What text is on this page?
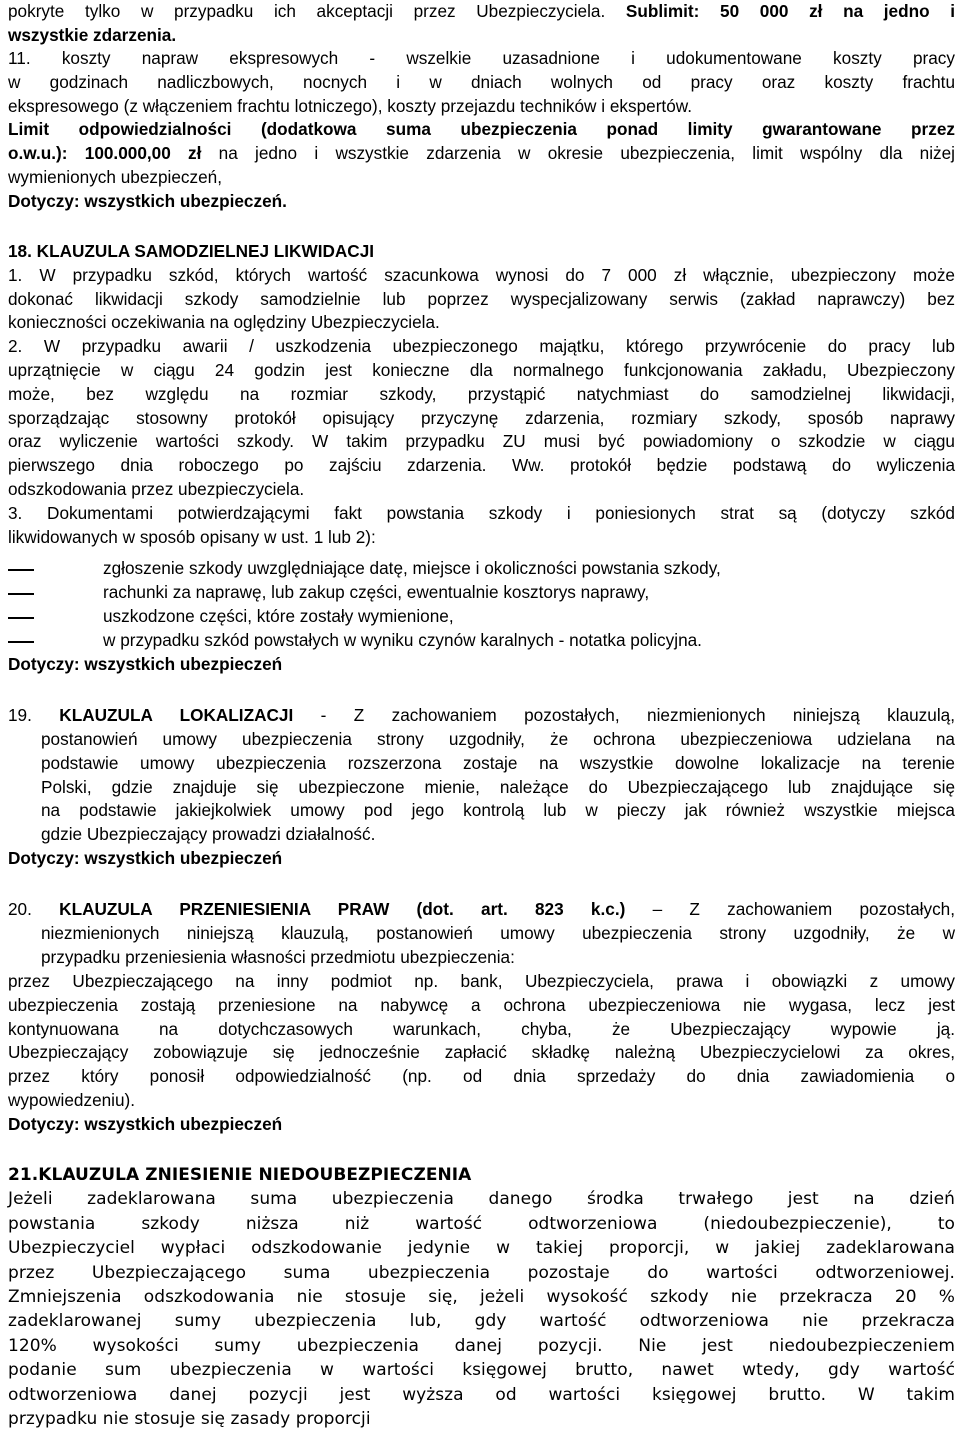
pokryte tylko w przypadku ich akceptacji przez Ubezpieczyciela. Sublimit: 50 000 zł na jedno i
wszystkie zdarzenia.
11. koszty napraw ekspresowych - wszelkie uzasadnione i udokumentowane koszty pracy
w godzinach nadliczbowych, nocnych i w dniach wolnych od pracy oraz koszty frachtu
ekspresowego (z włączeniem frachtu lotniczego), koszty przejazdu techników i ekspertów.
Limit odpowiedzialności (dodatkowa suma ubezpieczenia ponad limity gwarantowane przez
o.w.u.): 100.000,00 zł na jedno i wszystkie zdarzenia w okresie ubezpieczenia, limit wspólny dla niżej
wymienionych ubezpieczeń,
Dotyczy: wszystkich ubezpieczeń.
18. KLAUZULA SAMODZIELNEJ LIKWIDACJI
1. W przypadku szkód, których wartość szacunkowa wynosi do 7 000 zł włącznie, ubezpieczony może
dokonać likwidacji szkody samodzielnie lub poprzez wyspecjalizowany serwis (zakład naprawczy) bez
konieczności oczekiwania na oględziny Ubezpieczyciela.
2. W przypadku awarii / uszkodzenia ubezpieczonego majątku, którego przywrócenie do pracy lub
uprzątnięcie w ciągu 24 godzin jest konieczne dla normalnego funkcjonowania zakładu, Ubezpieczony
może, bez względu na rozmiar szkody, przystąpić natychmiast do samodzielnej likwidacji,
sporządzając stosowny protokół opisujący przyczynę zdarzenia, rozmiary szkody, sposób naprawy
oraz wyliczenie wartości szkody. W takim przypadku ZU musi być powiadomiony o szkodzie w ciągu
pierwszego dnia roboczego po zajściu zdarzenia. Ww. protokół będzie podstawą do wyliczenia
odszkodowania przez ubezpieczyciela.
3. Dokumentami potwierdzającymi fakt powstania szkody i poniesionych strat są (dotyczy szkód
likwidowanych w sposób opisany w ust. 1 lub 2):
zgłoszenie szkody uwzględniające datę, miejsce i okoliczności powstania szkody,
rachunki za naprawę, lub zakup części, ewentualnie kosztorys naprawy,
uszkodzone części, które zostały wymienione,
w przypadku szkód powstałych w wyniku czynów karalnych - notatka policyjna.
Dotyczy: wszystkich ubezpieczeń
19. KLAUZULA LOKALIZACJI - Z zachowaniem pozostałych, niezmienionych niniejszą klauzulą,
postanowień umowy ubezpieczenia strony uzgodniły, że ochrona ubezpieczeniowa udzielana na
podstawie umowy ubezpieczenia rozszerzona zostaje na wszystkie dowolne lokalizacje na terenie
Polski, gdzie znajduje się ubezpieczone mienie, należące do Ubezpieczającego lub znajdujące się
na podstawie jakiejkolwiek umowy pod jego kontrolą lub w pieczy jak również wszystkie miejsca
gdzie Ubezpieczający prowadzi działalność.
Dotyczy: wszystkich ubezpieczeń
20. KLAUZULA PRZENIESIENIA PRAW (dot. art. 823 k.c.) – Z zachowaniem pozostałych,
niezmienionych niniejszą klauzulą, postanowień umowy ubezpieczenia strony uzgodniły, że w
przypadku przeniesienia własności przedmiotu ubezpieczenia:
przez Ubezpieczającego na inny podmiot np. bank, Ubezpieczyciela, prawa i obowiązki z umowy
ubezpieczenia zostają przeniesione na nabywcę a ochrona ubezpieczeniowa nie wygasa, lecz jest
kontynuowana na dotychczasowych warunkach, chyba, że Ubezpieczający wypowie ją.
Ubezpieczający zobowiązuje się jednocześnie zapłacić składkę należną Ubezpieczycielowi za okres,
przez który ponosił odpowiedzialność (np. od dnia sprzedaży do dnia zawiadomienia o
wypowiedzeniu).
Dotyczy: wszystkich ubezpieczeń
21.KLAUZULA ZNIESIENIE NIEDOUBEZPIECZENIA
Jeżeli zadeklarowana suma ubezpieczenia danego środka trwałego jest na dzień
powstania szkody niższa niż wartość odtworzeniowa (niedoubezpieczenie), to
Ubezpieczyciel wypłaci odszkodowanie jedynie w takiej proporcji, w jakiej zadeklarowana
przez Ubezpieczającego suma ubezpieczenia pozostaje do wartości odtworzeniowej.
Zmniejszenia odszkodowania nie stosuje się, jeżeli wysokość szkody nie przekracza 20 %
zadeklarowanej sumy ubezpieczenia lub, gdy wartość odtworzeniowa nie przekracza
120% wysokości sumy ubezpieczenia danej pozycji. Nie jest niedoubezpieczeniem
podanie sum ubezpieczenia w wartości księgowej brutto, nawet wtedy, gdy wartość
odtworzeniowa danej pozycji jest wyższa od wartości księgowej brutto. W takim
przypadku nie stosuje się zasady proporcji
